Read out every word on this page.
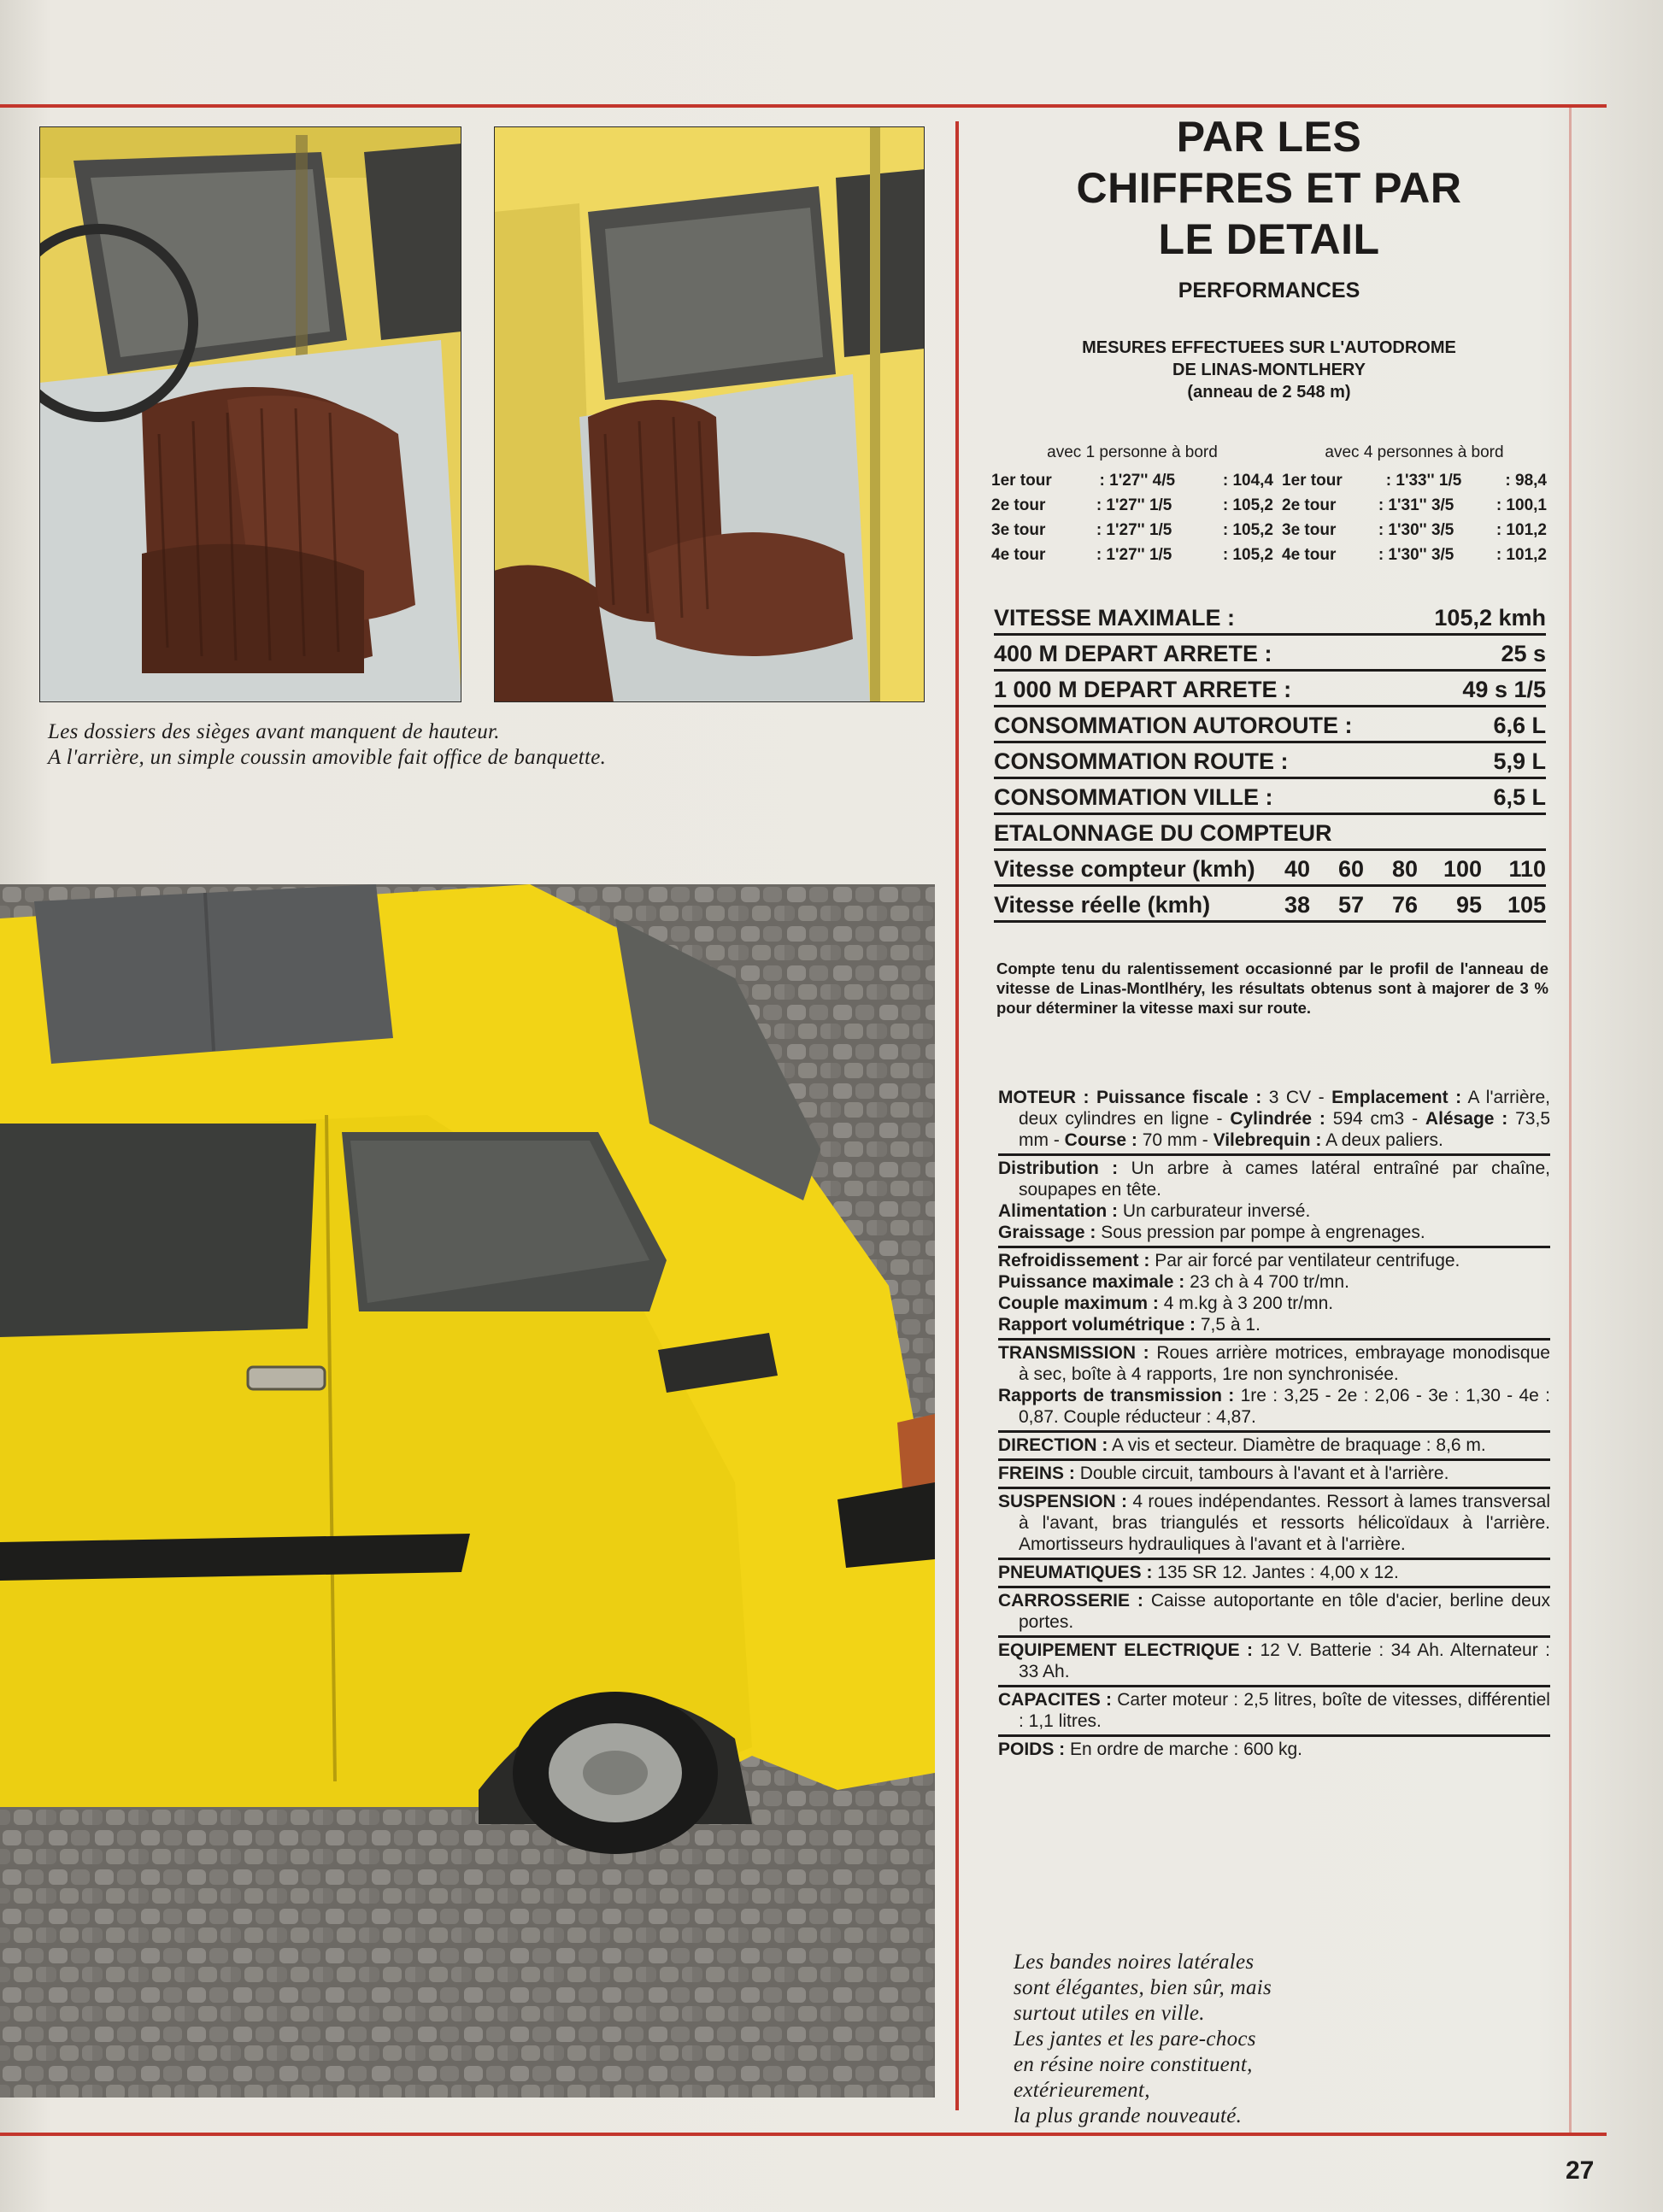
Les dossiers des sièges avant manquent de hauteur.
A l'arrière, un simple coussin amovible fait office de banquette.
Les bandes noires latérales
sont élégantes, bien sûr, mais
surtout utiles en ville.
Les jantes et les pare-chocs
en résine noire constituent,
extérieurement,
la plus grande nouveauté.
PAR LES
CHIFFRES ET PAR
LE DETAIL
PERFORMANCES
MESURES EFFECTUEES SUR L'AUTODROME
DE LINAS-MONTLHERY
(anneau de 2 548 m)
avec 1 personne à bord
1er tour	: 1'27'' 4/5	: 104,4
2e tour	: 1'27'' 1/5	: 105,2
3e tour	: 1'27'' 1/5	: 105,2
4e tour	: 1'27'' 1/5	: 105,2
avec 4 personnes à bord
1er tour	: 1'33'' 1/5	: 98,4
2e tour	: 1'31'' 3/5	: 100,1
3e tour	: 1'30'' 3/5	: 101,2
4e tour	: 1'30'' 3/5	: 101,2
VITESSE MAXIMALE :	105,2 kmh
400 M DEPART ARRETE :	25 s
1 000 M DEPART ARRETE :	49 s 1/5
CONSOMMATION AUTOROUTE :	6,6 L
CONSOMMATION ROUTE :	5,9 L
CONSOMMATION VILLE :	6,5 L
ETALONNAGE DU COMPTEUR
Vitesse compteur (kmh)	40	60	80	100	110
Vitesse réelle (kmh)	38	57	76	95	105

Compte tenu du ralentissement occasionné par le profil de l'anneau de vitesse de Linas-Montlhéry, les résultats obtenus sont à majorer de 3 % pour déterminer la vitesse maxi sur route.

MOTEUR : Puissance fiscale : 3 CV - Emplacement : A l'arrière, deux cylindres en ligne - Cylindrée : 594 cm3 - Alésage : 73,5 mm - Course : 70 mm - Vilebrequin : A deux paliers.
Distribution : Un arbre à cames latéral entraîné par chaîne, soupapes en tête.
Alimentation : Un carburateur inversé.
Graissage : Sous pression par pompe à engrenages.
Refroidissement : Par air forcé par ventilateur centrifuge.
Puissance maximale : 23 ch à 4 700 tr/mn.
Couple maximum : 4 m.kg à 3 200 tr/mn.
Rapport volumétrique : 7,5 à 1.
TRANSMISSION : Roues arrière motrices, embrayage monodisque à sec, boîte à 4 rapports, 1re non synchronisée.
Rapports de transmission : 1re : 3,25 - 2e : 2,06 - 3e : 1,30 - 4e : 0,87. Couple réducteur : 4,87.
DIRECTION : A vis et secteur. Diamètre de braquage : 8,6 m.
FREINS : Double circuit, tambours à l'avant et à l'arrière.
SUSPENSION : 4 roues indépendantes. Ressort à lames transversal à l'avant, bras triangulés et ressorts hélicoïdaux à l'arrière. Amortisseurs hydrauliques à l'avant et à l'arrière.
PNEUMATIQUES : 135 SR 12. Jantes : 4,00 x 12.
CARROSSERIE : Caisse autoportante en tôle d'acier, berline deux portes.
EQUIPEMENT ELECTRIQUE : 12 V. Batterie : 34 Ah. Alternateur : 33 Ah.
CAPACITES : Carter moteur : 2,5 litres, boîte de vitesses, différentiel : 1,1 litres.
POIDS : En ordre de marche : 600 kg.
27
